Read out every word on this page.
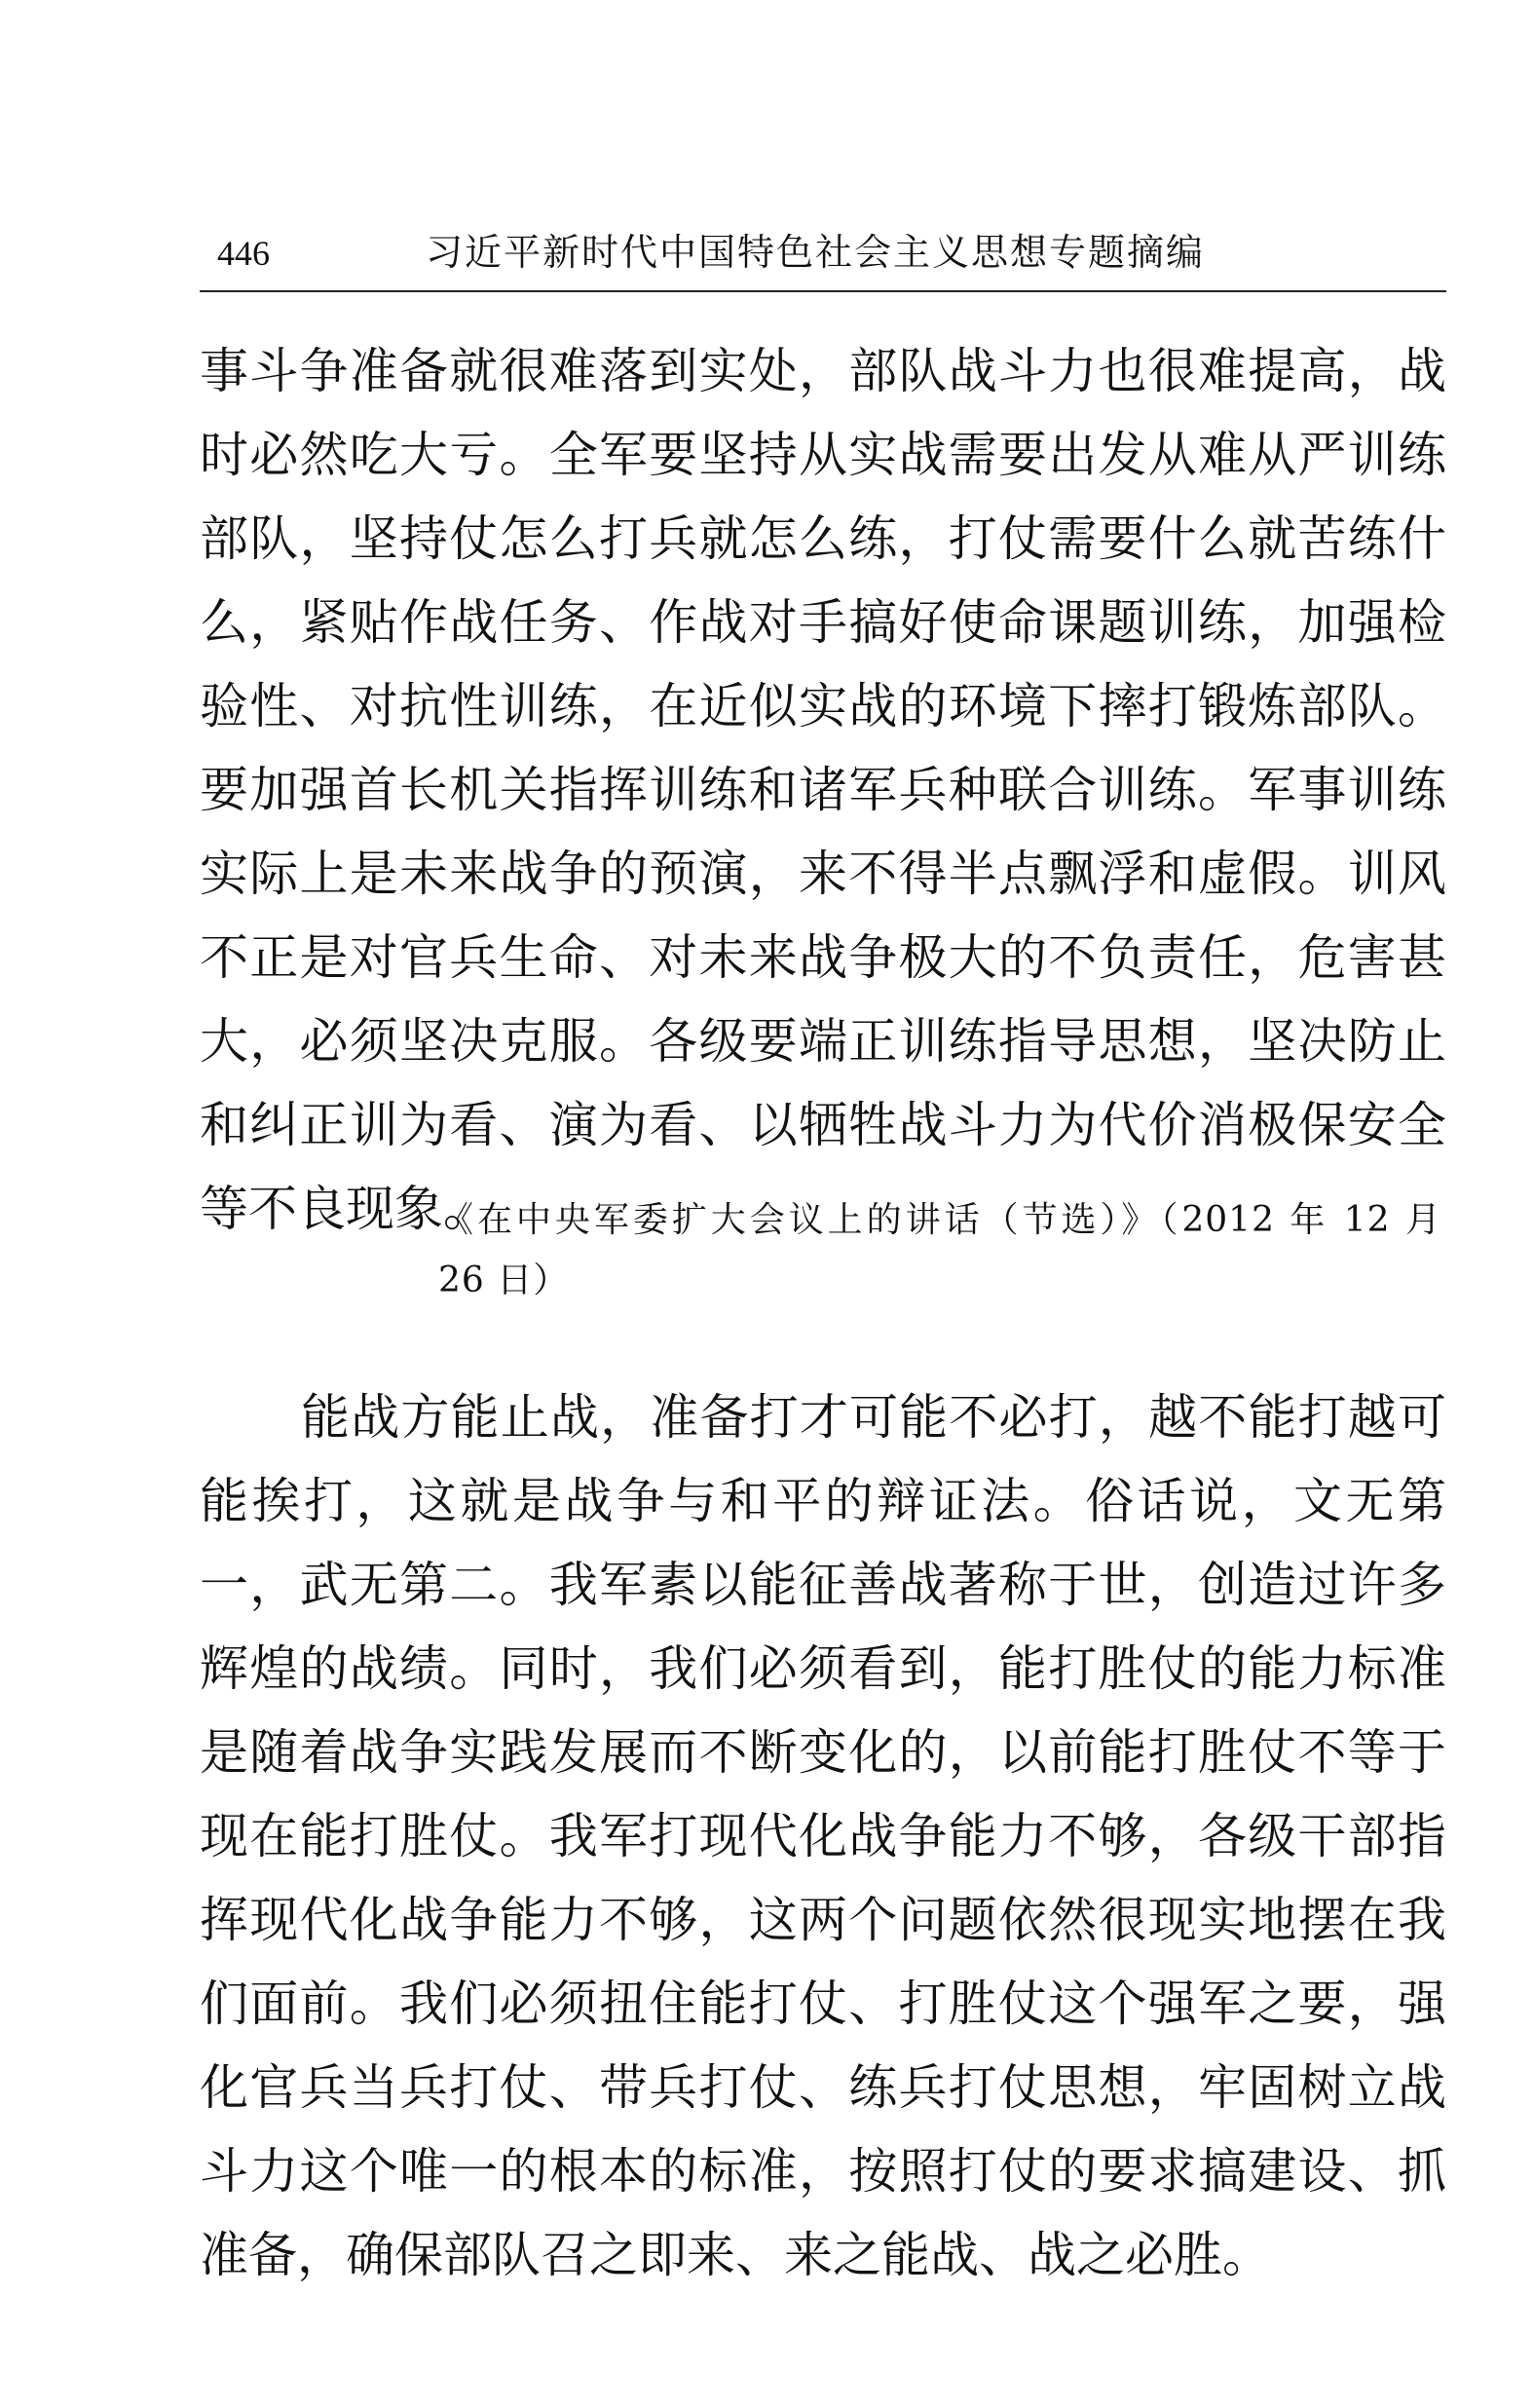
446	习近平新时代中国特色社会主义思想专题摘编
事斗争准备就很难落到实处，部队战斗力也很难提高，战
时必然吃大亏。全军要坚持从实战需要出发从难从严训练
部队，坚持仗怎么打兵就怎么练，打仗需要什么就苦练什
么，紧贴作战任务、作战对手搞好使命课题训练，加强检
验性、对抗性训练，在近似实战的环境下摔打锻炼部队。
要加强首长机关指挥训练和诸军兵种联合训练。军事训练
实际上是未来战争的预演，来不得半点飘浮和虚假。训风
不正是对官兵生命、对未来战争极大的不负责任，危害甚
大，必须坚决克服。各级要端正训练指导思想，坚决防止
和纠正训为看、演为看、以牺牲战斗力为代价消极保安全
等不良现象。
《在中央军委扩大会议上的讲话（节选）》（2012 年 12 月
26 日）
能战方能止战，准备打才可能不必打，越不能打越可
能挨打，这就是战争与和平的辩证法。俗话说，文无第
一，武无第二。我军素以能征善战著称于世，创造过许多
辉煌的战绩。同时，我们必须看到，能打胜仗的能力标准
是随着战争实践发展而不断变化的，以前能打胜仗不等于
现在能打胜仗。我军打现代化战争能力不够，各级干部指
挥现代化战争能力不够，这两个问题依然很现实地摆在我
们面前。我们必须扭住能打仗、打胜仗这个强军之要，强
化官兵当兵打仗、带兵打仗、练兵打仗思想，牢固树立战
斗力这个唯一的根本的标准，按照打仗的要求搞建设、抓
准备，确保部队召之即来、来之能战、战之必胜。
